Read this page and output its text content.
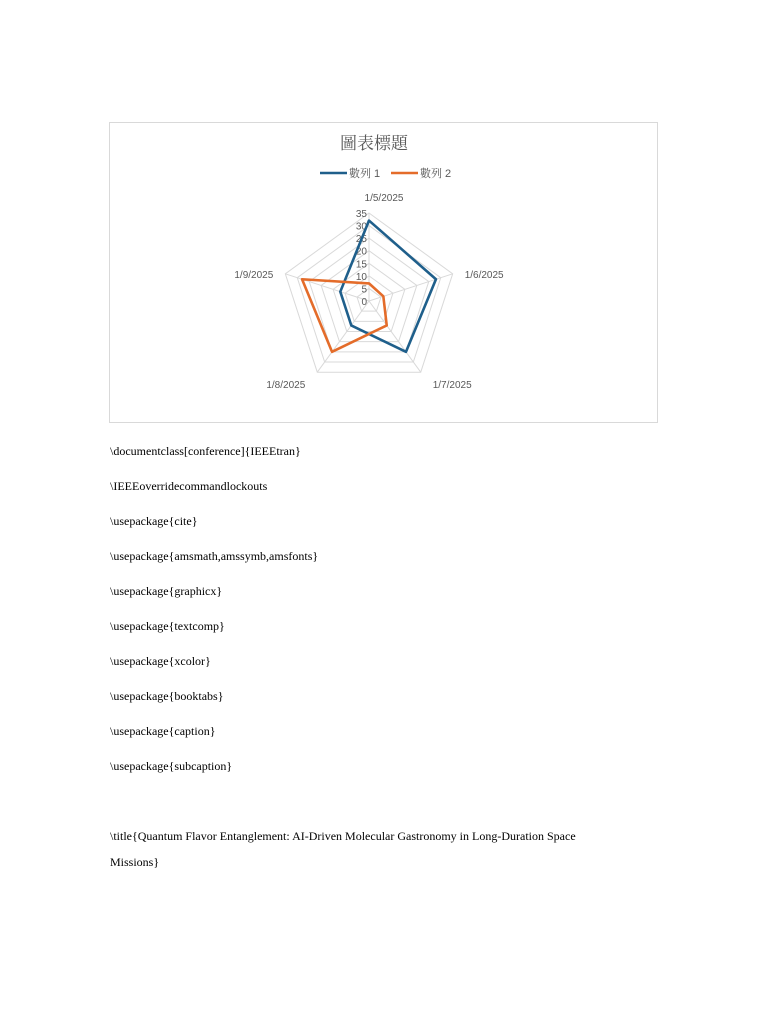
圖表標題
數列 1	數列 2
0
5
10
15
20
25
30
35
1/5/2025
1/6/2025
1/7/2025
1/8/2025
1/9/2025
\documentclass[conference]{IEEEtran}
\IEEEoverridecommandlockouts
\usepackage{cite}
\usepackage{amsmath,amssymb,amsfonts}
\usepackage{graphicx}
\usepackage{textcomp}
\usepackage{xcolor}
\usepackage{booktabs}
\usepackage{caption}
\usepackage{subcaption}
\title{Quantum Flavor Entanglement: AI-Driven Molecular Gastronomy in Long-Duration Space
Missions}
